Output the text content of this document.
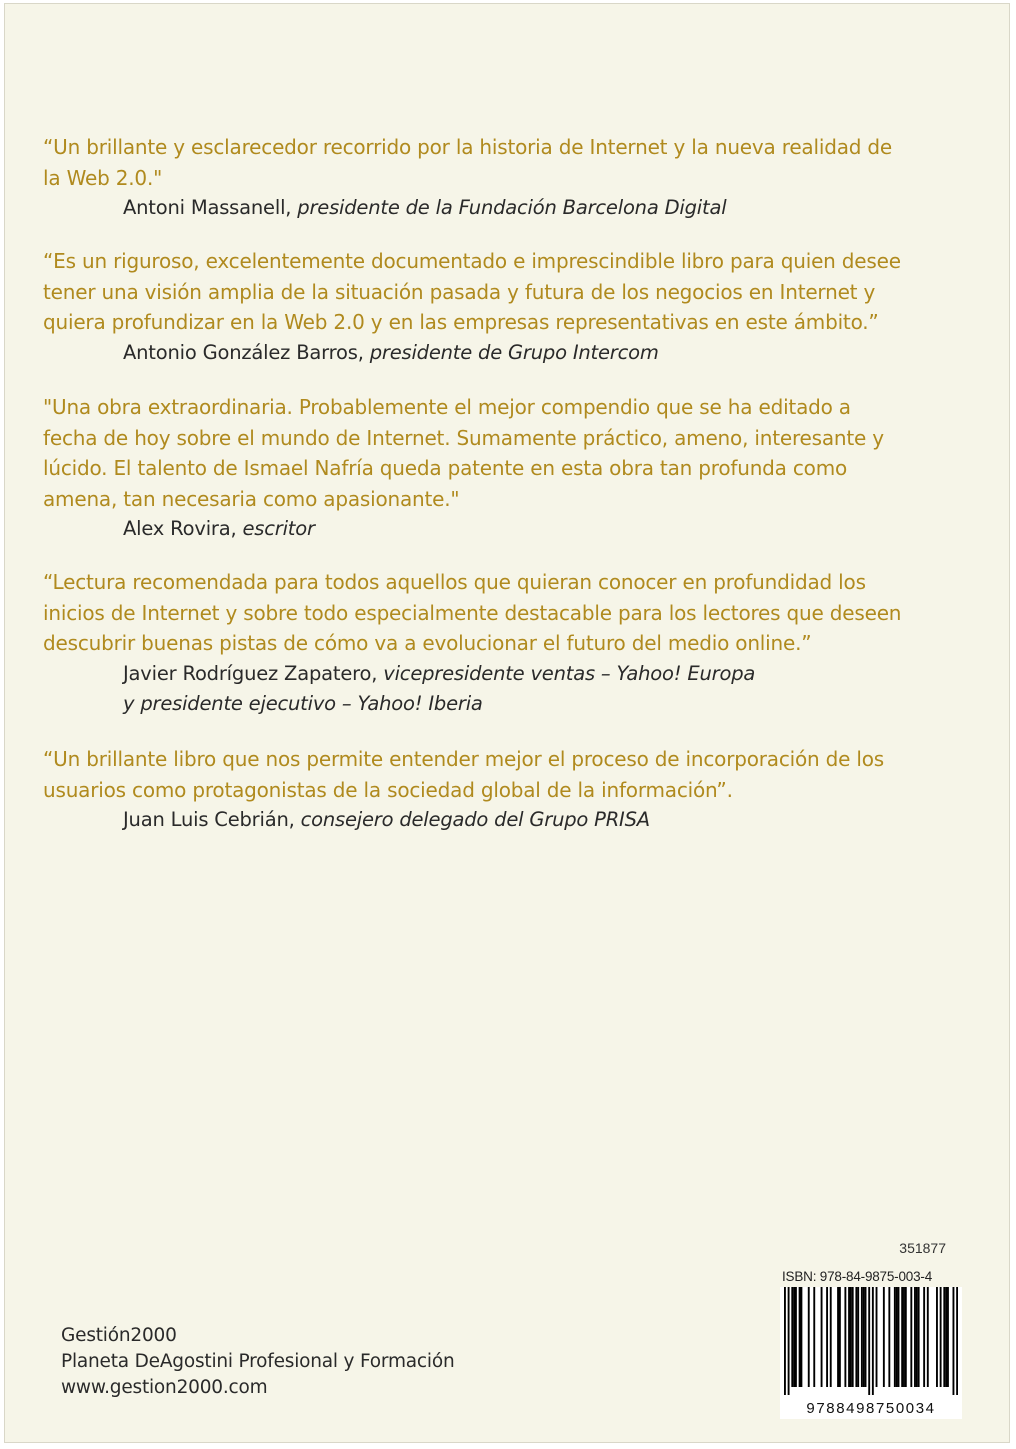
“Un brillante y esclarecedor recorrido por la historia de Internet y la nueva realidad de
la Web 2.0."

Antoni Massanell, presidente de la Fundación Barcelona Digital

“Es un riguroso, excelentemente documentado e imprescindible libro para quien desee
tener una visión amplia de la situación pasada y futura de los negocios en Internet y
quiera profundizar en la Web 2.0 y en las empresas representativas en este ámbito.”

Antonio González Barros, presidente de Grupo Intercom

"Una obra extraordinaria. Probablemente el mejor compendio que se ha editado a
fecha de hoy sobre el mundo de Internet. Sumamente práctico, ameno, interesante y
lúcido. El talento de Ismael Nafría queda patente en esta obra tan profunda como
amena, tan necesaria como apasionante."

Alex Rovira, escritor

“Lectura recomendada para todos aquellos que quieran conocer en profundidad los
inicios de Internet y sobre todo especialmente destacable para los lectores que deseen
descubrir buenas pistas de cómo va a evolucionar el futuro del medio online.”

Javier Rodríguez Zapatero, vicepresidente ventas – Yahoo! Europa
y presidente ejecutivo – Yahoo! Iberia

“Un brillante libro que nos permite entender mejor el proceso de incorporación de los
usuarios como protagonistas de la sociedad global de la información”.

Juan Luis Cebrián, consejero delegado del Grupo PRISA

Gestión2000
Planeta DeAgostini Profesional y Formación
www.gestion2000.com
351877
ISBN: 978-84-9875-003-4
9788498750034
